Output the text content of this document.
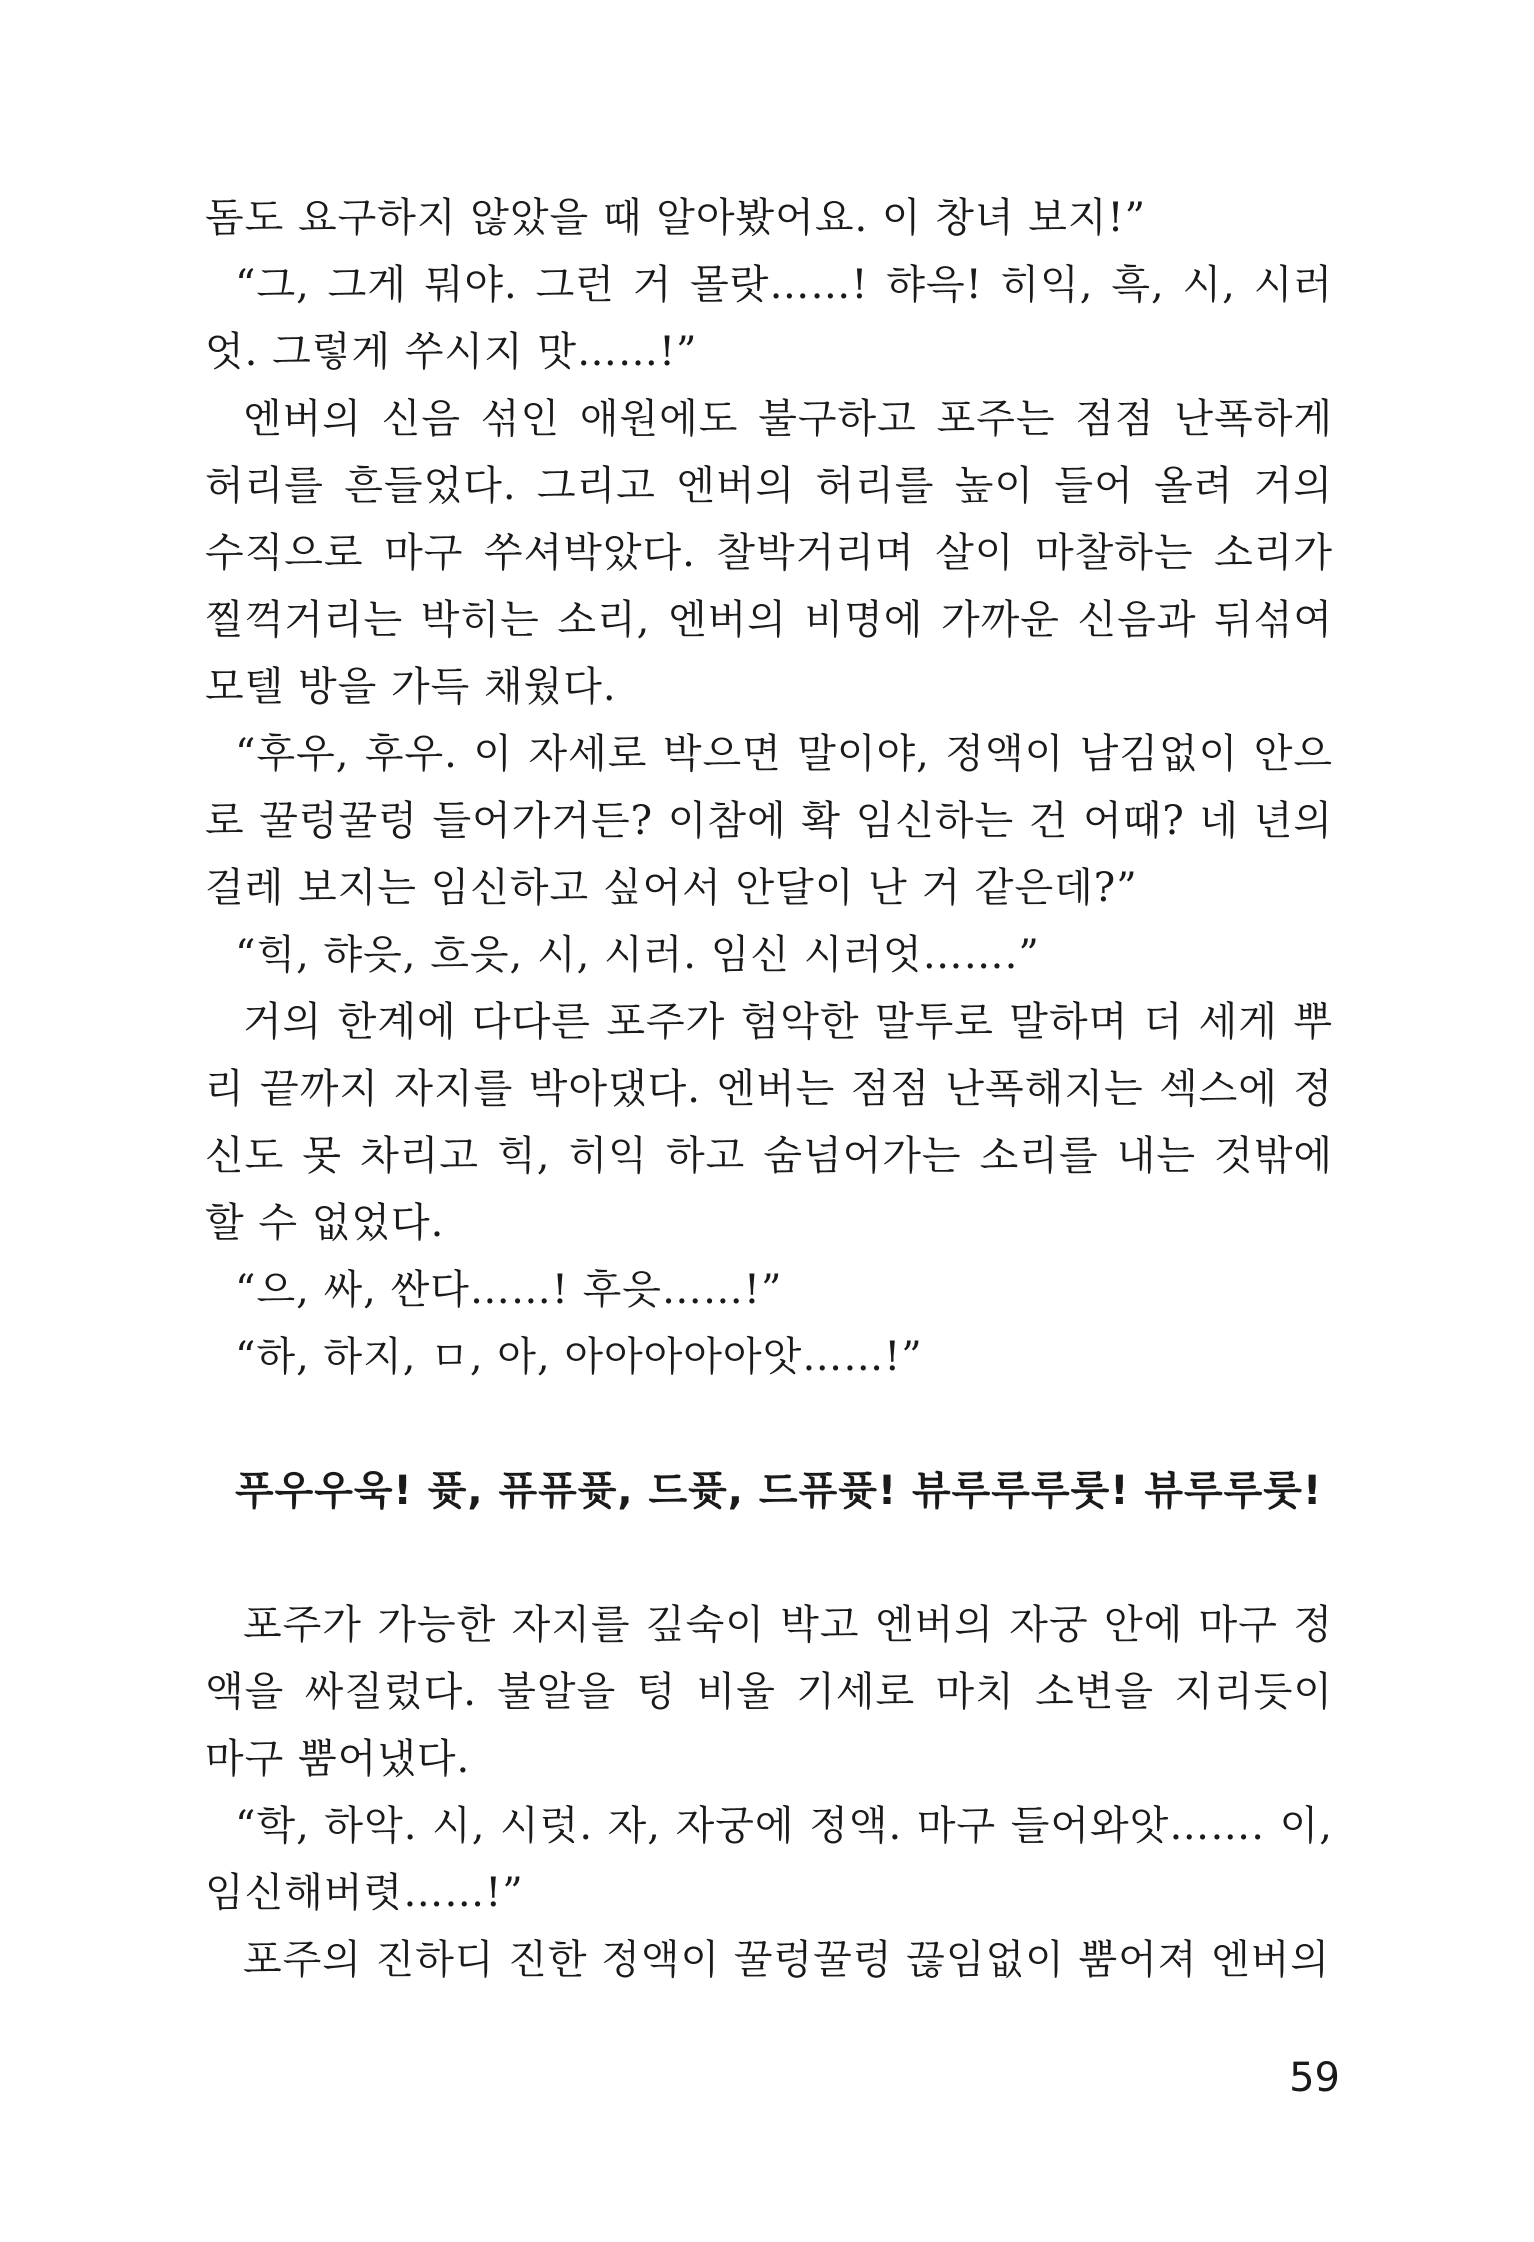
돔도 요구하지 않았을 때 알아봤어요. 이 창녀 보지!”

“그, 그게 뭐야. 그런 거 몰랏……! 햐윽! 히익, 흑, 시, 시러엇. 그렇게 쑤시지 맛……!”

엔버의 신음 섞인 애원에도 불구하고 포주는 점점 난폭하게 허리를 흔들었다. 그리고 엔버의 허리를 높이 들어 올려 거의 수직으로 마구 쑤셔박았다. 찰박거리며 살이 마찰하는 소리가 찔꺽거리는 박히는 소리, 엔버의 비명에 가까운 신음과 뒤섞여 모텔 방을 가득 채웠다.

“후우, 후우. 이 자세로 박으면 말이야, 정액이 남김없이 안으로 꿀렁꿀렁 들어가거든? 이참에 확 임신하는 건 어때? 네 년의 걸레 보지는 임신하고 싶어서 안달이 난 거 같은데?”

“힉, 햐읏, 흐읏, 시, 시러. 임신 시러엇…….”

거의 한계에 다다른 포주가 험악한 말투로 말하며 더 세게 뿌리 끝까지 자지를 박아댔다. 엔버는 점점 난폭해지는 섹스에 정신도 못 차리고 힉, 히익 하고 숨넘어가는 소리를 내는 것밖에 할 수 없었다.

“으, 싸, 싼다……! 후읏……!”

“하, 하지, ㅁ, 아, 아아아아아앗……!”

푸우우욱! 퓻, 퓨퓨퓻, 드퓻, 드퓨퓻! 뷰루루루룻! 뷰루루룻!

포주가 가능한 자지를 깊숙이 박고 엔버의 자궁 안에 마구 정액을 싸질렀다. 불알을 텅 비울 기세로 마치 소변을 지리듯이 마구 뿜어냈다.

“학, 하악. 시, 시럿. 자, 자궁에 정액. 마구 들어와앗……. 이, 임신해버렷……!”

포주의 진하디 진한 정액이 꿀렁꿀렁 끊임없이 뿜어져 엔버의

59
